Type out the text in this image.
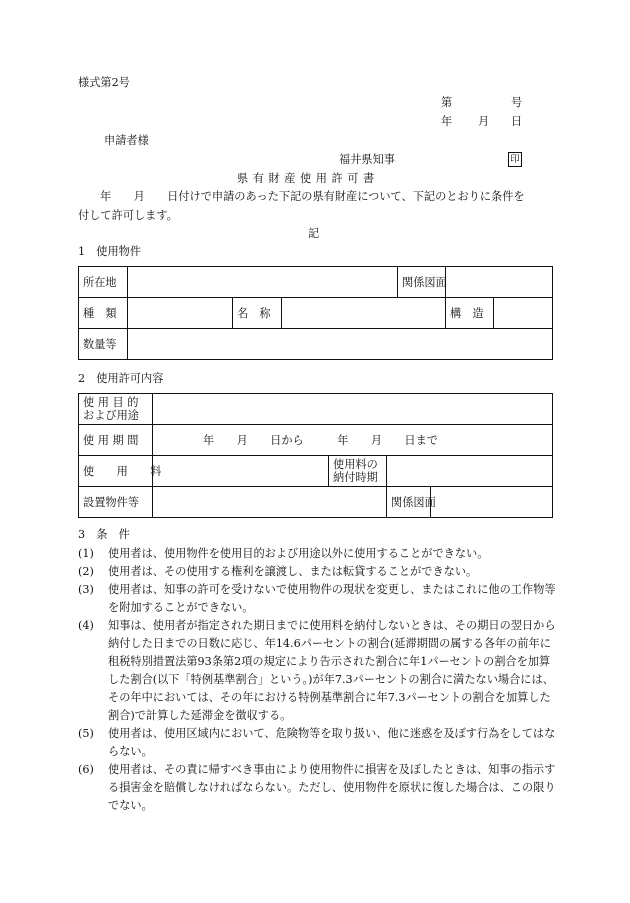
様式第2号
第	号
年 月 日
申請者様
福井県知事	印
県 有 財 産 使 用 許 可 書
年　　月　　日付けで申請のあった下記の県有財産について、下記のとおりに条件を
付して許可します。
記
1　使用物件
所在地				関係図面		
種　類		名　称			構　造	
数量等						
2　使用許可内容
使 用 目 的
および用途				

使 用 期 間	年　　月　　日から　　　年　　月　　日まで			
使　　用　　料		使用料の
納付時期		

設置物件等			関係図面	
3　条　件
(1)	使用者は、使用物件を使用目的および用途以外に使用することができない。
(2)	使用者は、その使用する権利を譲渡し、または転貸することができない。
(3)	使用者は、知事の許可を受けないで使用物件の現状を変更し、またはこれに他の工作物等を附加することができない。
(4)	知事は、使用者が指定された期日までに使用料を納付しないときは、その期日の翌日から納付した日までの日数に応じ、年14.6パーセントの割合(延滞期間の属する各年の前年に租税特別措置法第93条第2項の規定により告示された割合に年1パーセントの割合を加算した割合(以下「特例基準割合」という。)が年7.3パーセントの割合に満たない場合には、その年中においては、その年における特例基準割合に年7.3パーセントの割合を加算した割合)で計算した延滞金を徴収する。
(5)	使用者は、使用区域内において、危険物等を取り扱い、他に迷惑を及ぼす行為をしてはならない。
(6)	使用者は、その責に帰すべき事由により使用物件に損害を及ぼしたときは、知事の指示する損害金を賠償しなければならない。ただし、使用物件を原状に復した場合は、この限りでない。
